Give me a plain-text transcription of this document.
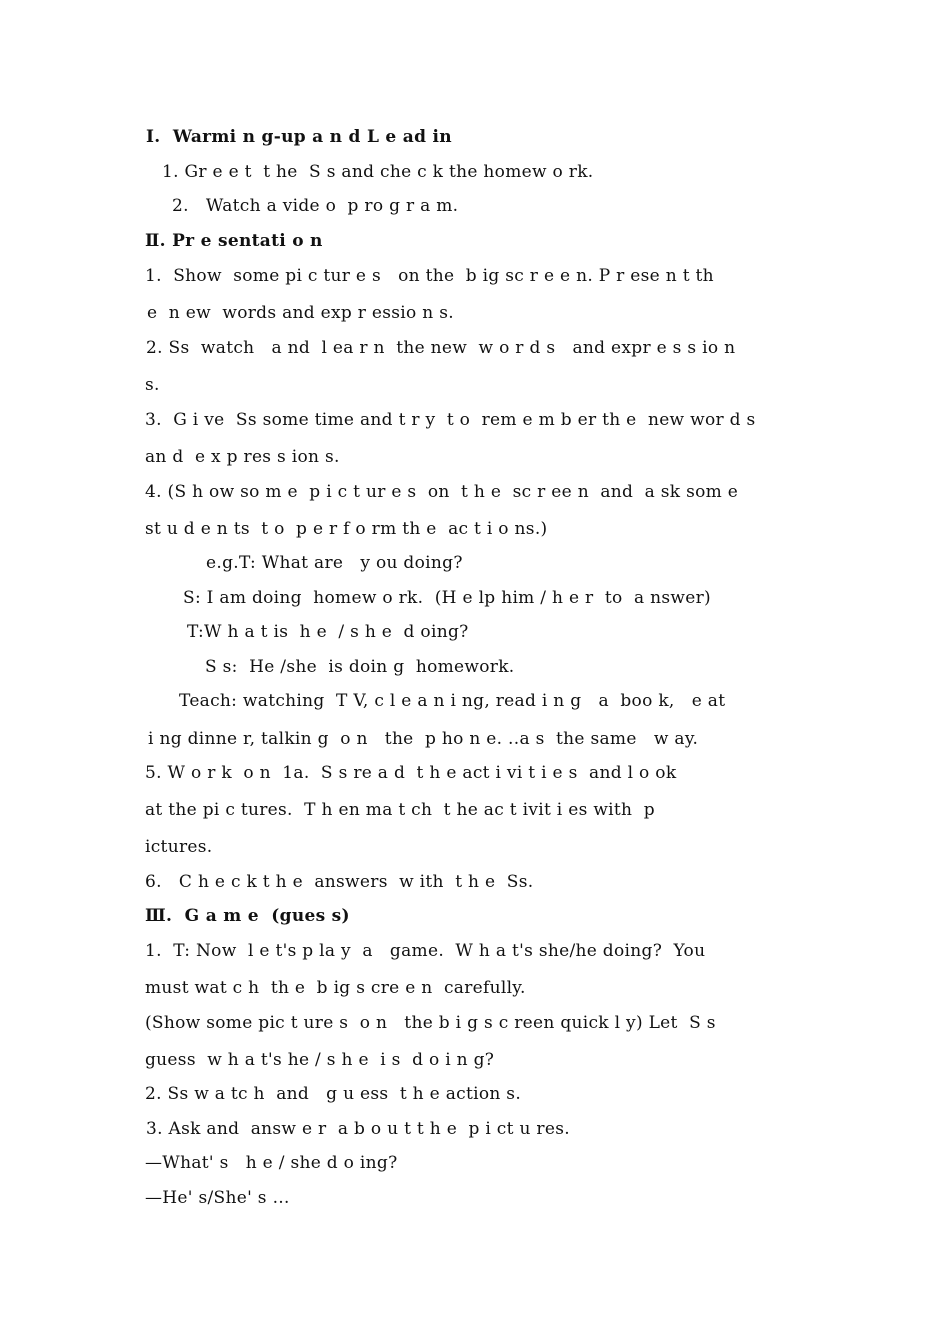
Ⅰ.  Warmi n g-up a n d L e ad in
1. Gr e e t  t he  S s and che c k the homew o rk.
2.   Watch a vide o  p ro g r a m.
Ⅱ. Pr e sentati o n
1.  Show  some pi c tur e s   on the  b ig sc r e e n. P r ese n t th
e  n ew  words and exp r essio n s.
2. Ss  watch   a nd  l ea r n  the new  w o r d s   and expr e s s io n
s.
3.  G i ve  Ss some time and t r y  t o  rem e m b er th e  new wor d s
an d  e x p res s ion s.
4. (S h ow so m e  p i c t ur e s  on  t h e  sc r ee n  and  a sk som e
st u d e n ts  t o  p e r f o rm th e  ac t i o ns.)
e.g.T: What are   y ou doing?
S: I am doing  homew o rk.  (H e lp him / h e r  to  a nswer)
T:W h a t is  h e  / s h e  d oing?
S s:  He /she  is doin g  homework.
Teach: watching  T V, c l e a n i ng, read i n g   a  boo k,   e at
i ng dinne r, talkin g  o n   the  p ho n e. ..a s  the same   w ay.
5. W o r k  o n  1a.  S s re a d  t h e act i vi t i e s  and l o ok
at the pi c tures.  T h en ma t ch  t he ac t ivit i es with  p
ictures.
6.   C h e c k t h e  answers  w ith  t h e  Ss.
Ⅲ.  G a m e  (gues s)
1.  T: Now  l e t's p la y  a   game.  W h a t's she/he doing?  You
must wat c h  th e  b ig s cre e n  carefully.
(Show some pic t ure s  o n   the b i g s c reen quick l y) Let  S s
guess  w h a t's he / s h e  i s  d o i n g?
2. Ss w a tc h  and   g u ess  t h e action s.
3. Ask and  answ e r  a b o u t t h e  p i ct u res.
—What' s   h e / she d o ing?
—He' s/She' s …
